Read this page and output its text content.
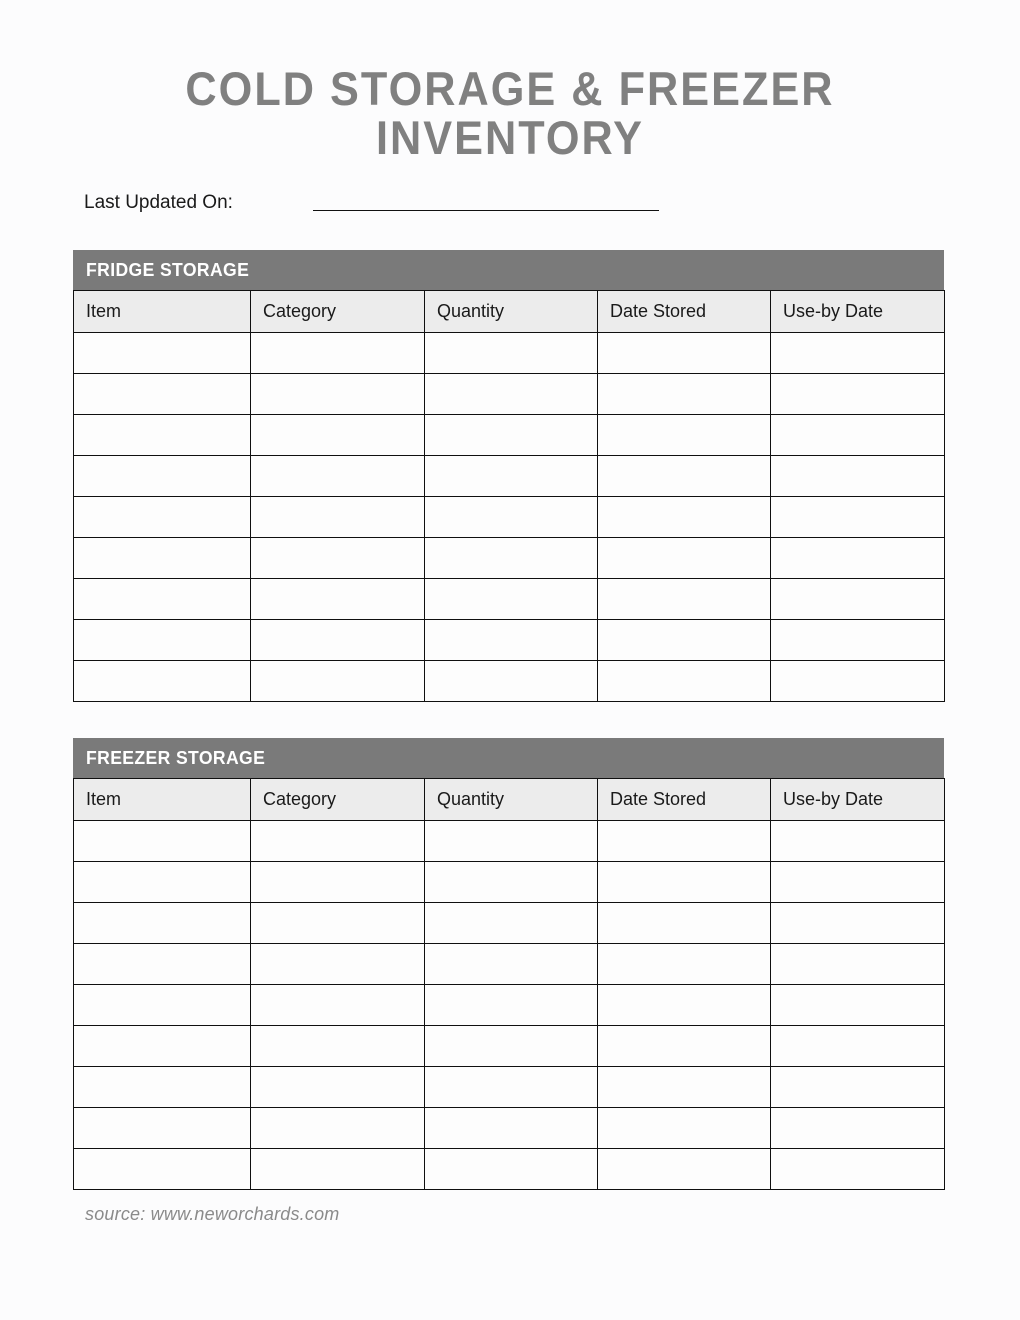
COLD STORAGE & FREEZER
INVENTORY
Last Updated On:
FRIDGE STORAGE
Item	Category	Quantity	Date Stored	Use-by Date

FREEZER STORAGE
Item	Category	Quantity	Date Stored	Use-by Date

source: www.neworchards.com
